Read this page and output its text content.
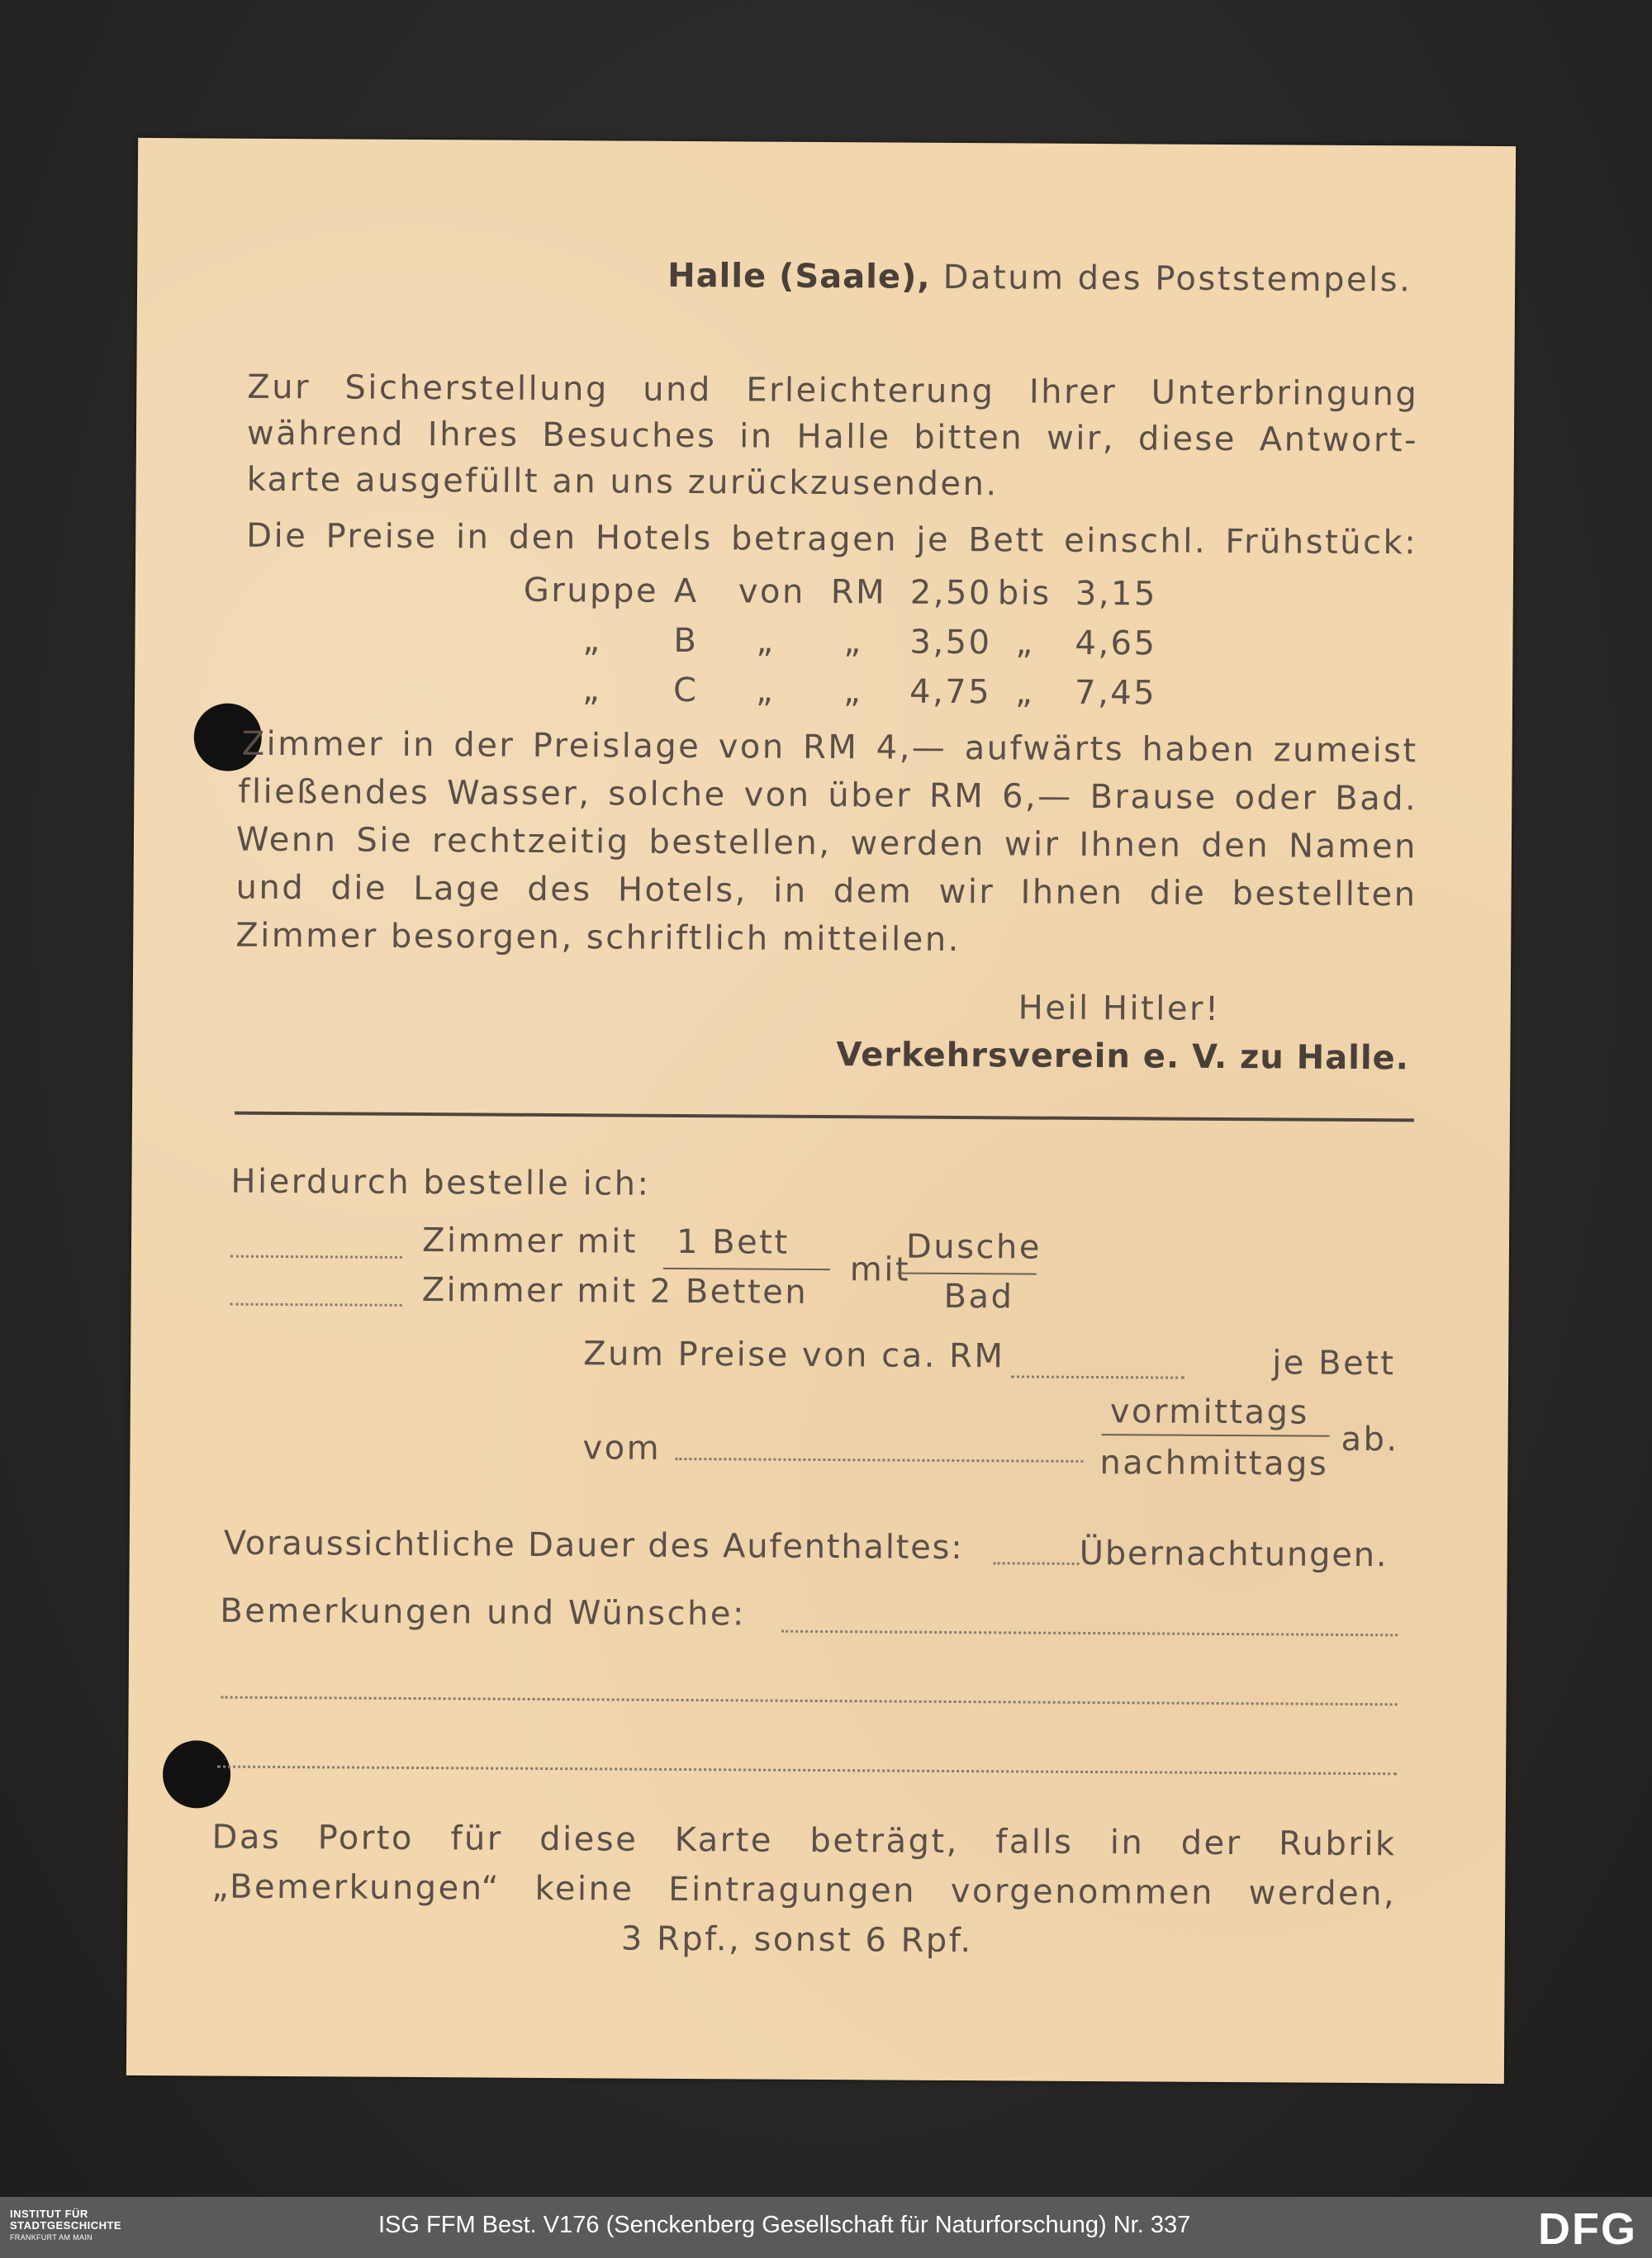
Halle (Saale), Datum des Poststempels.
Zur Sicherstellung und Erleichterung Ihrer Unterbringung
während Ihres Besuches in Halle bitten wir, diese Antwort-
karte ausgefüllt an uns zurückzusenden.
Die Preise in den Hotels betragen je Bett einschl. Frühstück:
Gruppe A von RM 2,50 bis 3,15
„ B „ „ 3,50 „ 4,65
„ C „ „ 4,75 „ 7,45
Zimmer in der Preislage von RM 4,— aufwärts haben zumeist
fließendes Wasser, solche von über RM 6,— Brause oder Bad.
Wenn Sie rechtzeitig bestellen, werden wir Ihnen den Namen
und die Lage des Hotels, in dem wir Ihnen die bestellten
Zimmer besorgen, schriftlich mitteilen.
Heil Hitler!
Verkehrsverein e. V. zu Halle.
Hierdurch bestelle ich:
Zimmer mit 1 Bett
Zimmer mit 2 Betten
mit
Dusche
Bad
Zum Preise von ca. RM	je Bett
vom
vormittags
nachmittags
ab.
Voraussichtliche Dauer des Aufenthaltes:	Übernachtungen.
Bemerkungen und Wünsche:
Das Porto für diese Karte beträgt, falls in der Rubrik
„Bemerkungen“ keine Eintragungen vorgenommen werden,
3 Rpf., sonst 6 Rpf.
INSTITUT FÜR
STADTGESCHICHTE
FRANKFURT AM MAIN	ISG FFM Best. V176 (Senckenberg Gesellschaft für Naturforschung) Nr. 337	DFG
